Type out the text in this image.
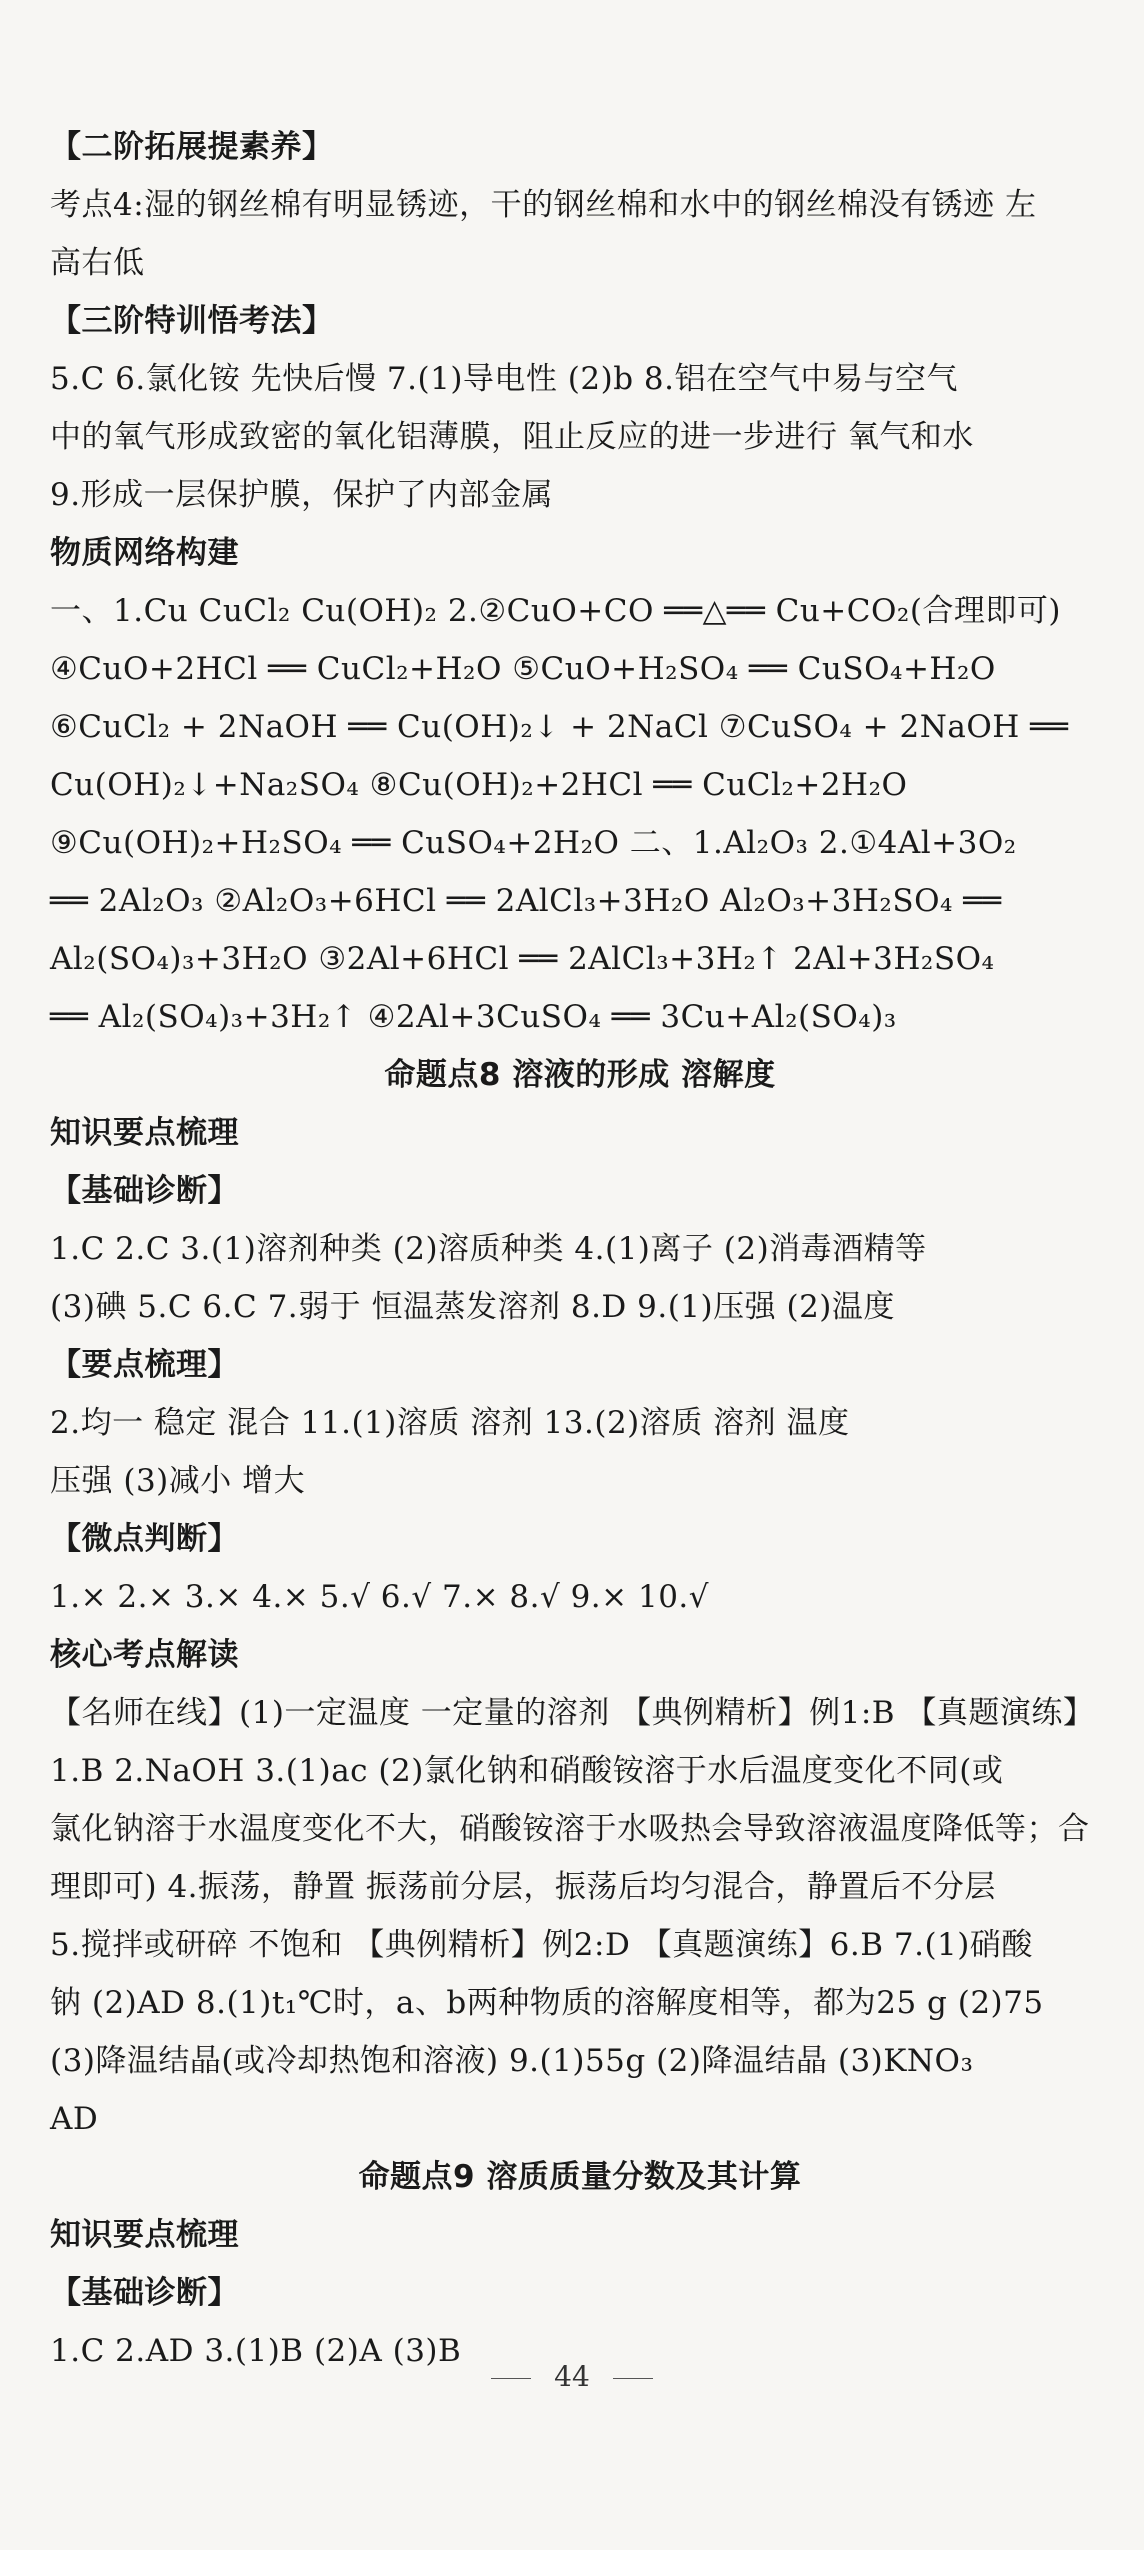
【二阶拓展提素养】
考点4:湿的钢丝棉有明显锈迹，干的钢丝棉和水中的钢丝棉没有锈迹 左
高右低
【三阶特训悟考法】
5.C 6.氯化铵 先快后慢 7.(1)导电性 (2)b 8.铝在空气中易与空气
中的氧气形成致密的氧化铝薄膜，阻止反应的进一步进行 氧气和水
9.形成一层保护膜，保护了内部金属
物质网络构建
一、1.Cu CuCl₂ Cu(OH)₂ 2.②CuO+CO ══△══ Cu+CO₂(合理即可)
④CuO+2HCl ══ CuCl₂+H₂O ⑤CuO+H₂SO₄ ══ CuSO₄+H₂O
⑥CuCl₂ + 2NaOH ══ Cu(OH)₂↓ + 2NaCl ⑦CuSO₄ + 2NaOH ══
Cu(OH)₂↓+Na₂SO₄ ⑧Cu(OH)₂+2HCl ══ CuCl₂+2H₂O
⑨Cu(OH)₂+H₂SO₄ ══ CuSO₄+2H₂O 二、1.Al₂O₃ 2.①4Al+3O₂
══ 2Al₂O₃ ②Al₂O₃+6HCl ══ 2AlCl₃+3H₂O Al₂O₃+3H₂SO₄ ══
Al₂(SO₄)₃+3H₂O ③2Al+6HCl ══ 2AlCl₃+3H₂↑ 2Al+3H₂SO₄
══ Al₂(SO₄)₃+3H₂↑ ④2Al+3CuSO₄ ══ 3Cu+Al₂(SO₄)₃
命题点8 溶液的形成 溶解度
知识要点梳理
【基础诊断】
1.C 2.C 3.(1)溶剂种类 (2)溶质种类 4.(1)离子 (2)消毒酒精等
(3)碘 5.C 6.C 7.弱于 恒温蒸发溶剂 8.D 9.(1)压强 (2)温度
【要点梳理】
2.均一 稳定 混合 11.(1)溶质 溶剂 13.(2)溶质 溶剂 温度
压强 (3)减小 增大
【微点判断】
1.× 2.× 3.× 4.× 5.√ 6.√ 7.× 8.√ 9.× 10.√
核心考点解读
【名师在线】(1)一定温度 一定量的溶剂 【典例精析】例1:B 【真题演练】
1.B 2.NaOH 3.(1)ac (2)氯化钠和硝酸铵溶于水后温度变化不同(或
氯化钠溶于水温度变化不大，硝酸铵溶于水吸热会导致溶液温度降低等；合
理即可) 4.振荡，静置 振荡前分层，振荡后均匀混合，静置后不分层
5.搅拌或研碎 不饱和 【典例精析】例2:D 【真题演练】6.B 7.(1)硝酸
钠 (2)AD 8.(1)t₁℃时，a、b两种物质的溶解度相等，都为25 g (2)75
(3)降温结晶(或冷却热饱和溶液) 9.(1)55g (2)降温结晶 (3)KNO₃
AD
命题点9 溶质质量分数及其计算
知识要点梳理
【基础诊断】
1.C 2.AD 3.(1)B (2)A (3)B
44
